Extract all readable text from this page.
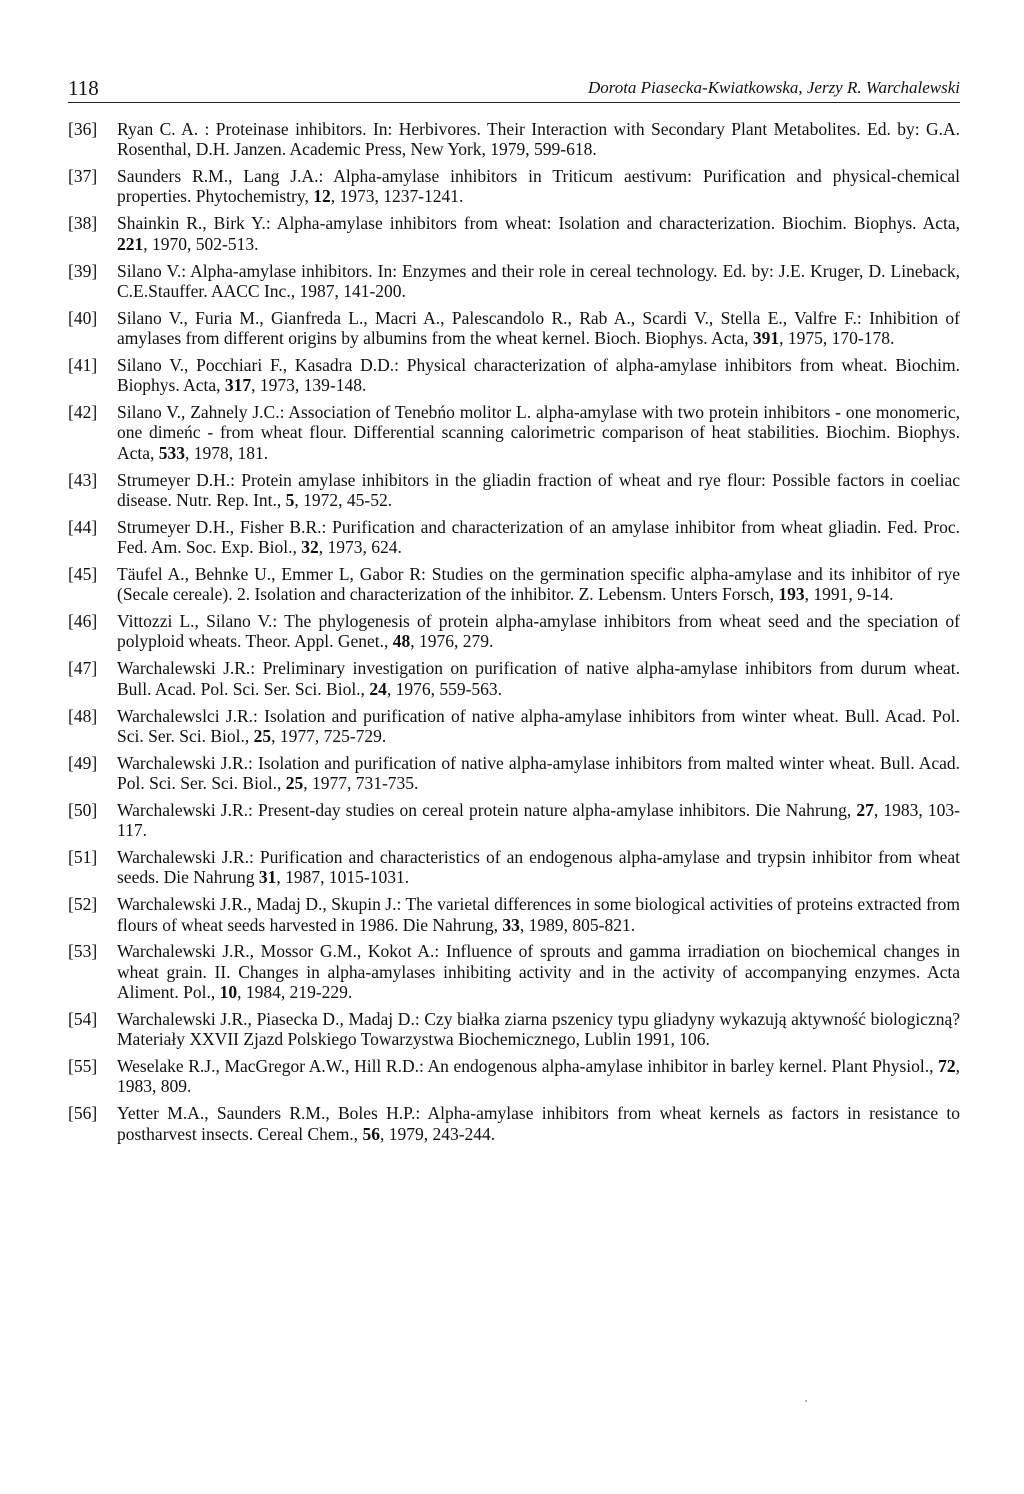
118	Dorota Piasecka-Kwiatkowska, Jerzy R. Warchalewski
[36] Ryan C. A. : Proteinase inhibitors. In: Herbivores. Their Interaction with Secondary Plant Metabolites. Ed. by: G.A. Rosenthal, D.H. Janzen. Academic Press, New York, 1979, 599-618.
[37] Saunders R.M., Lang J.A.: Alpha-amylase inhibitors in Triticum aestivum: Purification and physical-chemical properties. Phytochemistry, 12, 1973, 1237-1241.
[38] Shainkin R., Birk Y.: Alpha-amylase inhibitors from wheat: Isolation and characterization. Biochim. Biophys. Acta, 221, 1970, 502-513.
[39] Silano V.: Alpha-amylase inhibitors. In: Enzymes and their role in cereal technology. Ed. by: J.E. Kruger, D. Lineback, C.E.Stauffer. AACC Inc., 1987, 141-200.
[40] Silano V., Furia M., Gianfreda L., Macri A., Palescandolo R., Rab A., Scardi V., Stella E., Valfre F.: Inhibition of amylases from different origins by albumins from the wheat kernel. Bioch. Biophys. Acta, 391, 1975, 170-178.
[41] Silano V., Pocchiari F., Kasadra D.D.: Physical characterization of alpha-amylase inhibitors from wheat. Biochim. Biophys. Acta, 317, 1973, 139-148.
[42] Silano V., Zahnely J.C.: Association of Tenebńo molitor L. alpha-amylase with two protein inhibitors - one monomeric, one dimeńc - from wheat flour. Differential scanning calorimetric comparison of heat stabilities. Biochim. Biophys. Acta, 533, 1978, 181.
[43] Strumeyer D.H.: Protein amylase inhibitors in the gliadin fraction of wheat and rye flour: Possible factors in coeliac disease. Nutr. Rep. Int., 5, 1972, 45-52.
[44] Strumeyer D.H., Fisher B.R.: Purification and characterization of an amylase inhibitor from wheat gliadin. Fed. Proc. Fed. Am. Soc. Exp. Biol., 32, 1973, 624.
[45] Täufel A., Behnke U., Emmer L, Gabor R: Studies on the germination specific alpha-amylase and its inhibitor of rye (Secale cereale). 2. Isolation and characterization of the inhibitor. Z. Lebensm. Unters Forsch, 193, 1991, 9-14.
[46] Vittozzi L., Silano V.: The phylogenesis of protein alpha-amylase inhibitors from wheat seed and the speciation of polyploid wheats. Theor. Appl. Genet., 48, 1976, 279.
[47] Warchalewski J.R.: Preliminary investigation on purification of native alpha-amylase inhibitors from durum wheat. Bull. Acad. Pol. Sci. Ser. Sci. Biol., 24, 1976, 559-563.
[48] Warchalewslci J.R.: Isolation and purification of native alpha-amylase inhibitors from winter wheat. Bull. Acad. Pol. Sci. Ser. Sci. Biol., 25, 1977, 725-729.
[49] Warchalewski J.R.: Isolation and purification of native alpha-amylase inhibitors from malted winter wheat. Bull. Acad. Pol. Sci. Ser. Sci. Biol., 25, 1977, 731-735.
[50] Warchalewski J.R.: Present-day studies on cereal protein nature alpha-amylase inhibitors. Die Nahrung, 27, 1983, 103-117.
[51] Warchalewski J.R.: Purification and characteristics of an endogenous alpha-amylase and trypsin inhibitor from wheat seeds. Die Nahrung 31, 1987, 1015-1031.
[52] Warchalewski J.R., Madaj D., Skupin J.: The varietal differences in some biological activities of proteins extracted from flours of wheat seeds harvested in 1986. Die Nahrung, 33, 1989, 805-821.
[53] Warchalewski J.R., Mossor G.M., Kokot A.: Influence of sprouts and gamma irradiation on biochemical changes in wheat grain. II. Changes in alpha-amylases inhibiting activity and in the activity of accompanying enzymes. Acta Aliment. Pol., 10, 1984, 219-229.
[54] Warchalewski J.R., Piasecka D., Madaj D.: Czy białka ziarna pszenicy typu gliadyny wykazują aktywność biologiczną? Materiały XXVII Zjazd Polskiego Towarzystwa Biochemicznego, Lublin 1991, 106.
[55] Weselake R.J., MacGregor A.W., Hill R.D.: An endogenous alpha-amylase inhibitor in barley kernel. Plant Physiol., 72, 1983, 809.
[56] Yetter M.A., Saunders R.M., Boles H.P.: Alpha-amylase inhibitors from wheat kernels as factors in resistance to postharvest insects. Cereal Chem., 56, 1979, 243-244.
